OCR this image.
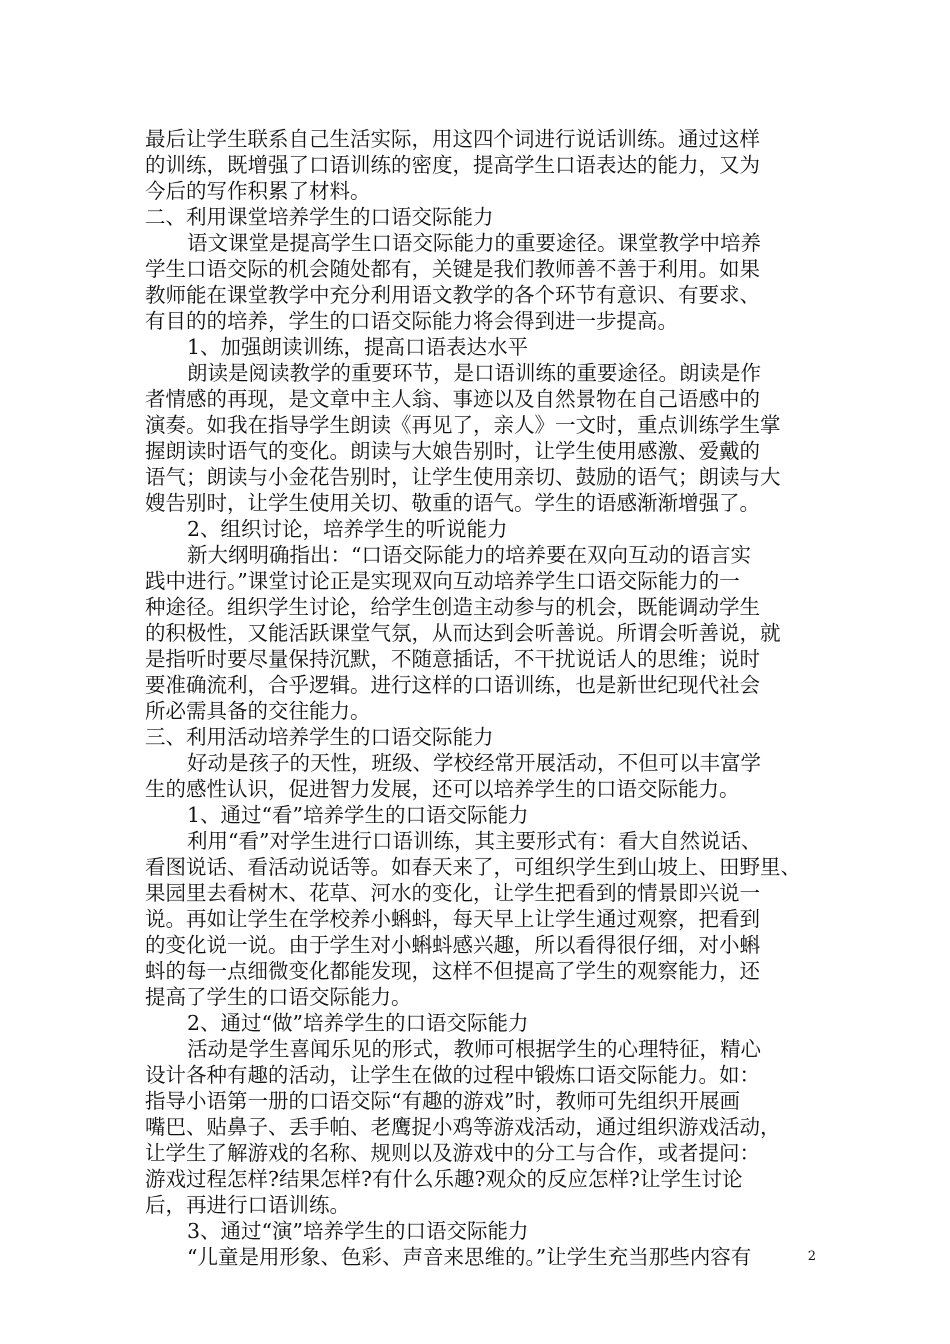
最后让学生联系自己生活实际，用这四个词进行说话训练。通过这样
的训练，既增强了口语训练的密度，提高学生口语表达的能力，又为
今后的写作积累了材料。
二、利用课堂培养学生的口语交际能力
语文课堂是提高学生口语交际能力的重要途径。课堂教学中培养
学生口语交际的机会随处都有，关键是我们教师善不善于利用。如果
教师能在课堂教学中充分利用语文教学的各个环节有意识、有要求、
有目的的培养，学生的口语交际能力将会得到进一步提高。
1、加强朗读训练，提高口语表达水平
朗读是阅读教学的重要环节，是口语训练的重要途径。朗读是作
者情感的再现，是文章中主人翁、事迹以及自然景物在自己语感中的
演奏。如我在指导学生朗读《再见了，亲人》一文时，重点训练学生掌
握朗读时语气的变化。朗读与大娘告别时，让学生使用感激、爱戴的
语气；朗读与小金花告别时，让学生使用亲切、鼓励的语气；朗读与大
嫂告别时，让学生使用关切、敬重的语气。学生的语感渐渐增强了。
2、组织讨论，培养学生的听说能力
新大纲明确指出：“口语交际能力的培养要在双向互动的语言实
践中进行。”课堂讨论正是实现双向互动培养学生口语交际能力的一
种途径。组织学生讨论，给学生创造主动参与的机会，既能调动学生
的积极性，又能活跃课堂气氛，从而达到会听善说。所谓会听善说，就
是指听时要尽量保持沉默，不随意插话，不干扰说话人的思维；说时
要准确流利，合乎逻辑。进行这样的口语训练，也是新世纪现代社会
所必需具备的交往能力。
三、利用活动培养学生的口语交际能力
好动是孩子的天性，班级、学校经常开展活动，不但可以丰富学
生的感性认识，促进智力发展，还可以培养学生的口语交际能力。
1、通过“看”培养学生的口语交际能力
利用“看”对学生进行口语训练，其主要形式有：看大自然说话、
看图说话、看活动说话等。如春天来了，可组织学生到山坡上、田野里、
果园里去看树木、花草、河水的变化，让学生把看到的情景即兴说一
说。再如让学生在学校养小蝌蚪，每天早上让学生通过观察，把看到
的变化说一说。由于学生对小蝌蚪感兴趣，所以看得很仔细，对小蝌
蚪的每一点细微变化都能发现，这样不但提高了学生的观察能力，还
提高了学生的口语交际能力。
2、通过“做”培养学生的口语交际能力
活动是学生喜闻乐见的形式，教师可根据学生的心理特征，精心
设计各种有趣的活动，让学生在做的过程中锻炼口语交际能力。如：
指导小语第一册的口语交际“有趣的游戏”时，教师可先组织开展画
嘴巴、贴鼻子、丢手帕、老鹰捉小鸡等游戏活动，通过组织游戏活动，
让学生了解游戏的名称、规则以及游戏中的分工与合作，或者提问：
游戏过程怎样?结果怎样?有什么乐趣?观众的反应怎样?让学生讨论
后，再进行口语训练。
3、通过“演”培养学生的口语交际能力
“儿童是用形象、色彩、声音来思维的。”让学生充当那些内容有	2
